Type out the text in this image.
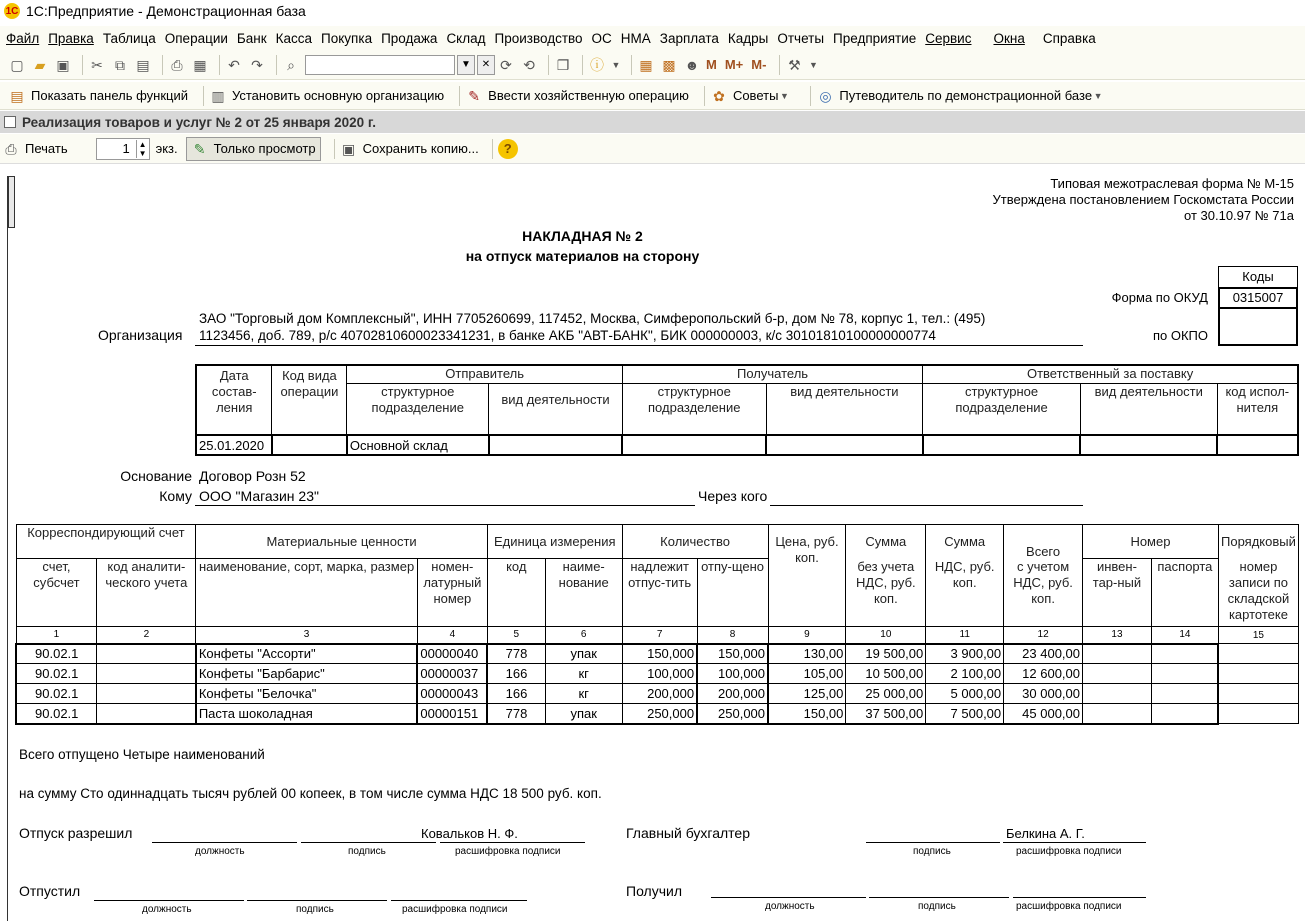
1С 1С:Предприятие - Демонстрационная база
Файл Правка Таблица Операции Банк Касса Покупка Продажа Склад Производство ОС НМА Зарплата Кадры Отчеты Предприятие Сервис Окна Справка
▢ ▰ ▣ ✂ ⧉ ▤ ⎙ ▦ ↶ ↷	⌕	▼	✕ ⟳ ⟲ ❐ ⓘ ▼ ▦ ▩ ☻ М М+ М- ⚒ ▼
▤ Показать панель функций ▥ Установить основную организацию ✎ Ввести хозяйственную операцию ✿ Советы ▼ ◎ Путеводитель по демонстрационной базе ▼
Реализация товаров и услуг № 2 от 25 января 2020 г.
⎙ Печать	1	▲
▼ экз. ✎ Только просмотр ▣ Сохранить копию...	?
Типовая межотраслевая форма № М-15
Утверждена постановлением Госкомстата России
от 30.10.97 № 71а
НАКЛАДНАЯ № 2
на отпуск материалов на сторону
Коды
0315007
Форма по ОКУД
по ОКПО
Организация
ЗАО "Торговый дом Комплексный", ИНН 7705260699, 117452, Москва, Симферопольский б-р, дом № 78, корпус 1, тел.: (495)
1123456, доб. 789, р/с 40702810600023341231, в банке АКБ "АВТ-БАНК", БИК 000000003, к/с 30101810100000000774
Дата состав-ления	Код вида операции	Отправитель		Получатель		Ответственный за поставку		
		структурное подразделение	вид деятельности	структурное подразделение	вид деятельности	структурное подразделение	вид деятельности	код испол-нителя
25.01.2020		Основной склад						
Основание Договор Розн 52
Кому ООО "Магазин 23"	Через кого
Корреспондирующий счет		Материальные ценности		Единица измерения		Количество		Цена, руб. коп.	Сумма	Сумма	Всего	Номер		Порядковый
счет, субсчет	код аналити-ческого учета	наименование, сорт, марка, размер	номен-латурный номер	код	наиме-нование	надлежит отпус-тить	отпу-щено		без учета НДС, руб. коп.	НДС, руб. коп.	с учетом НДС, руб. коп.	инвен-тар-ный	паспорта	номер записи по складской картотеке
1	2	3	4	5	6	7	8	9	10	11	12	13	14	15
90.02.1		Конфеты "Ассорти"	00000040	778	упак	150,000	150,000	130,00	19 500,00	3 900,00	23 400,00			
90.02.1		Конфеты "Барбарис"	00000037	166	кг	100,000	100,000	105,00	10 500,00	2 100,00	12 600,00			
90.02.1		Конфеты "Белочка"	00000043	166	кг	200,000	200,000	125,00	25 000,00	5 000,00	30 000,00			
90.02.1		Паста шоколадная	00000151	778	упак	250,000	250,000	150,00	37 500,00	7 500,00	45 000,00			
Всего отпущено Четыре наименований
на сумму Сто одиннадцать тысяч рублей 00 копеек, в том числе сумма НДС 18 500 руб. коп.
Отпуск разрешил	Ковальков Н. Ф.
должность	подпись	расшифровка подписи
Главный бухгалтер	Белкина А. Г.
подпись	расшифровка подписи
Отпустил
должность	подпись	расшифровка подписи
Получил
должность	подпись	расшифровка подписи
